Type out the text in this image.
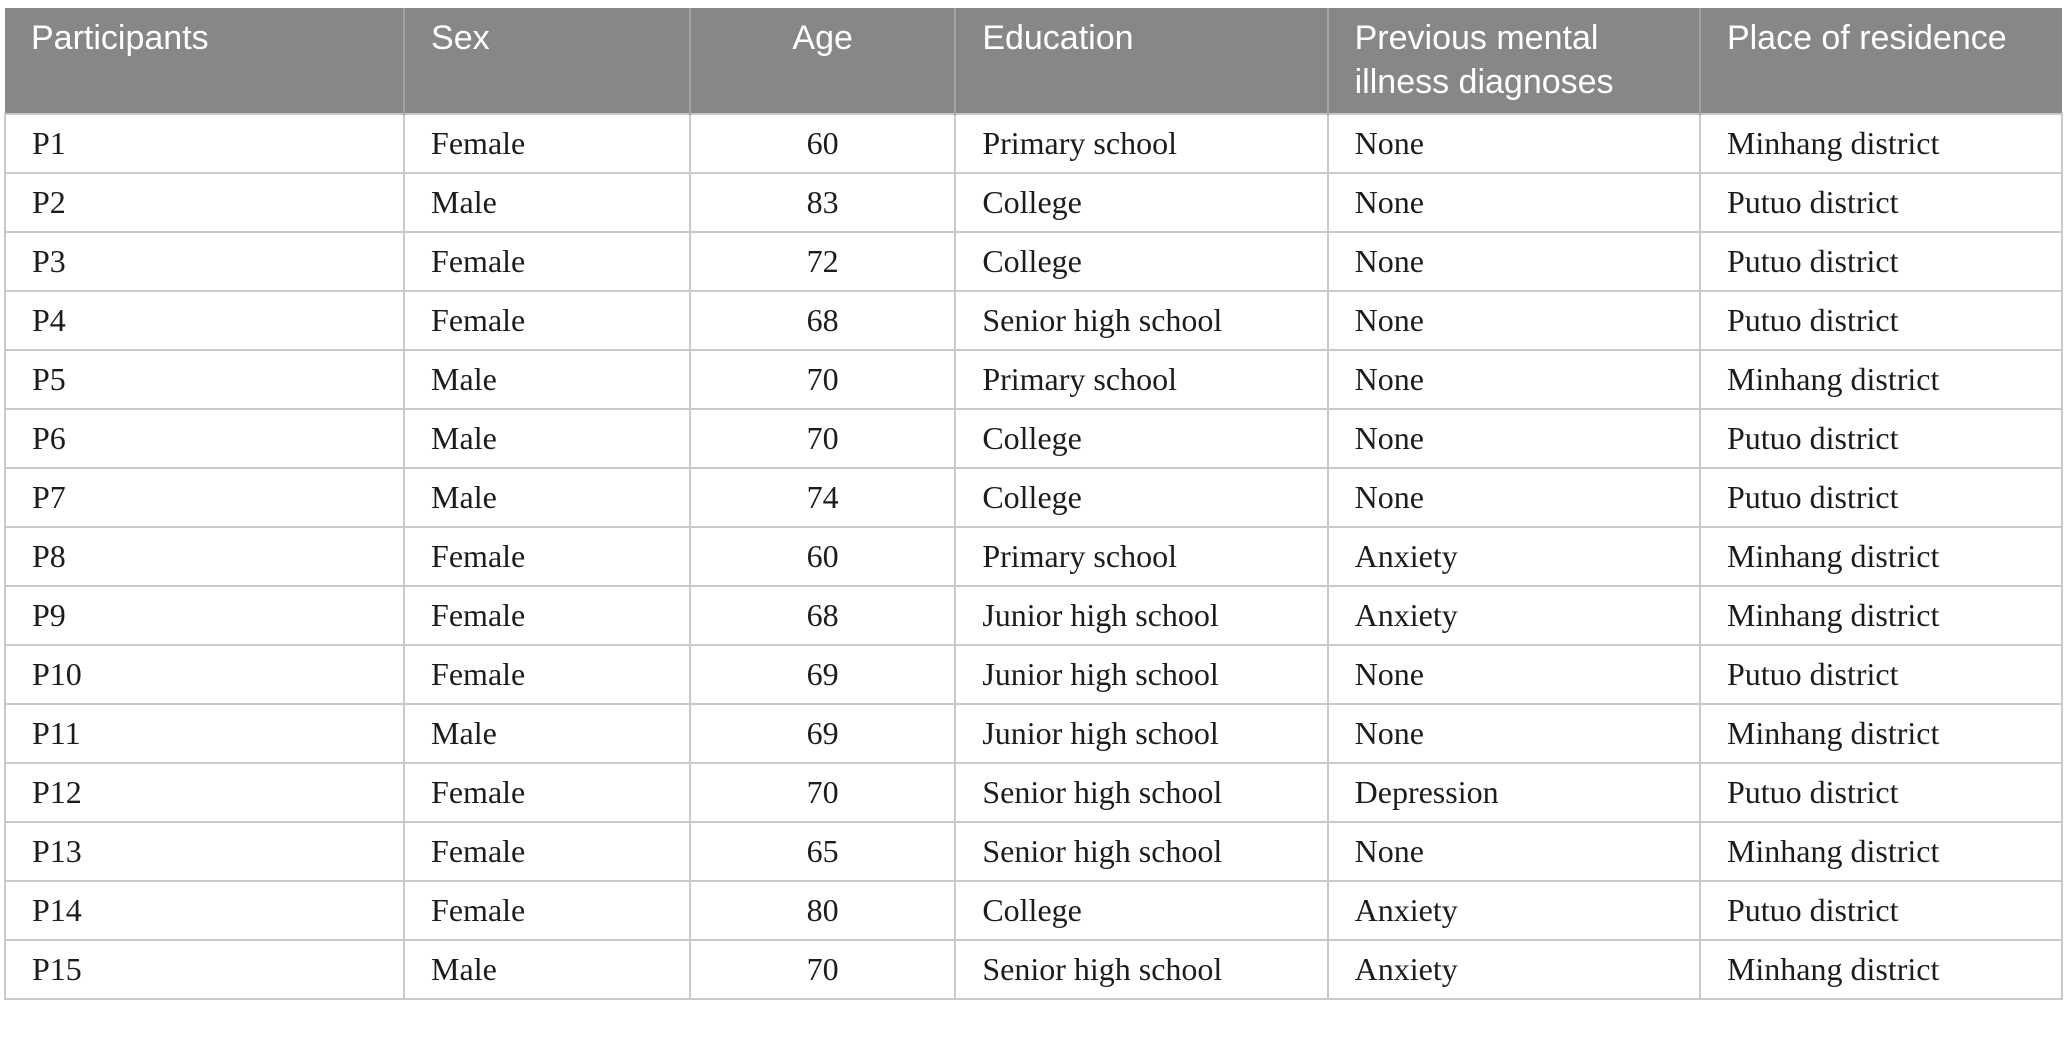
Participants	Sex	Age	Education	Previous mental illness diagnoses	Place of residence
P1	Female	60	Primary school	None	Minhang district
P2	Male	83	College	None	Putuo district
P3	Female	72	College	None	Putuo district
P4	Female	68	Senior high school	None	Putuo district
P5	Male	70	Primary school	None	Minhang district
P6	Male	70	College	None	Putuo district
P7	Male	74	College	None	Putuo district
P8	Female	60	Primary school	Anxiety	Minhang district
P9	Female	68	Junior high school	Anxiety	Minhang district
P10	Female	69	Junior high school	None	Putuo district
P11	Male	69	Junior high school	None	Minhang district
P12	Female	70	Senior high school	Depression	Putuo district
P13	Female	65	Senior high school	None	Minhang district
P14	Female	80	College	Anxiety	Putuo district
P15	Male	70	Senior high school	Anxiety	Minhang district
